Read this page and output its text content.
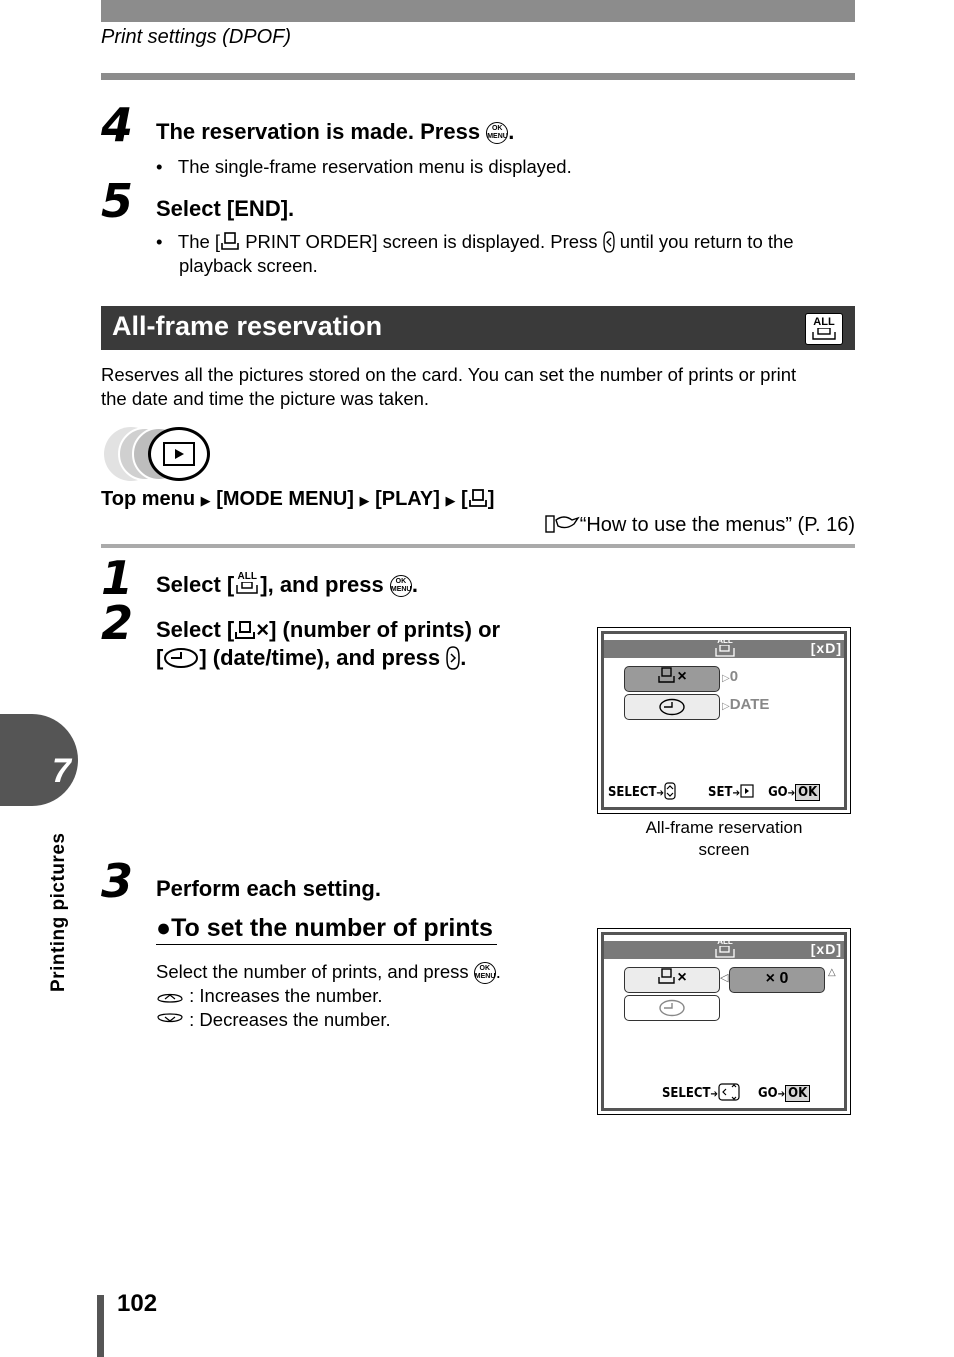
Print settings (DPOF)
4 The reservation is made. Press OK
MENU.
•   The single-frame reservation menu is displayed.
5 Select [END].
•   The [ PRINT ORDER] screen is displayed. Press  until you return to the
playback screen.
All-frame reservation	ALL
Reserves all the pictures stored on the card. You can set the number of prints or print
the date and time the picture was taken.
Top menu ▶ [MODE MENU] ▶ [PLAY] ▶ [ ]
“How to use the menus” (P. 16)
1 Select [ ALL ], and press OK
MENU.
2 Select [ ×] (number of prints) or
[ ] (date/time), and press .
ALL	[xD]
×	▷0
▷DATE
SELECT➔	SET➔ GO➔ OK
All-frame reservation
screen
3 Perform each setting.
●To set the number of prints
Select the number of prints, and press OK
MENU.
: Increases the number.
: Decreases the number.
ALL	[xD]
×	◁	× 0	△
SELECT➔	GO➔ OK
7
Printing pictures
102
